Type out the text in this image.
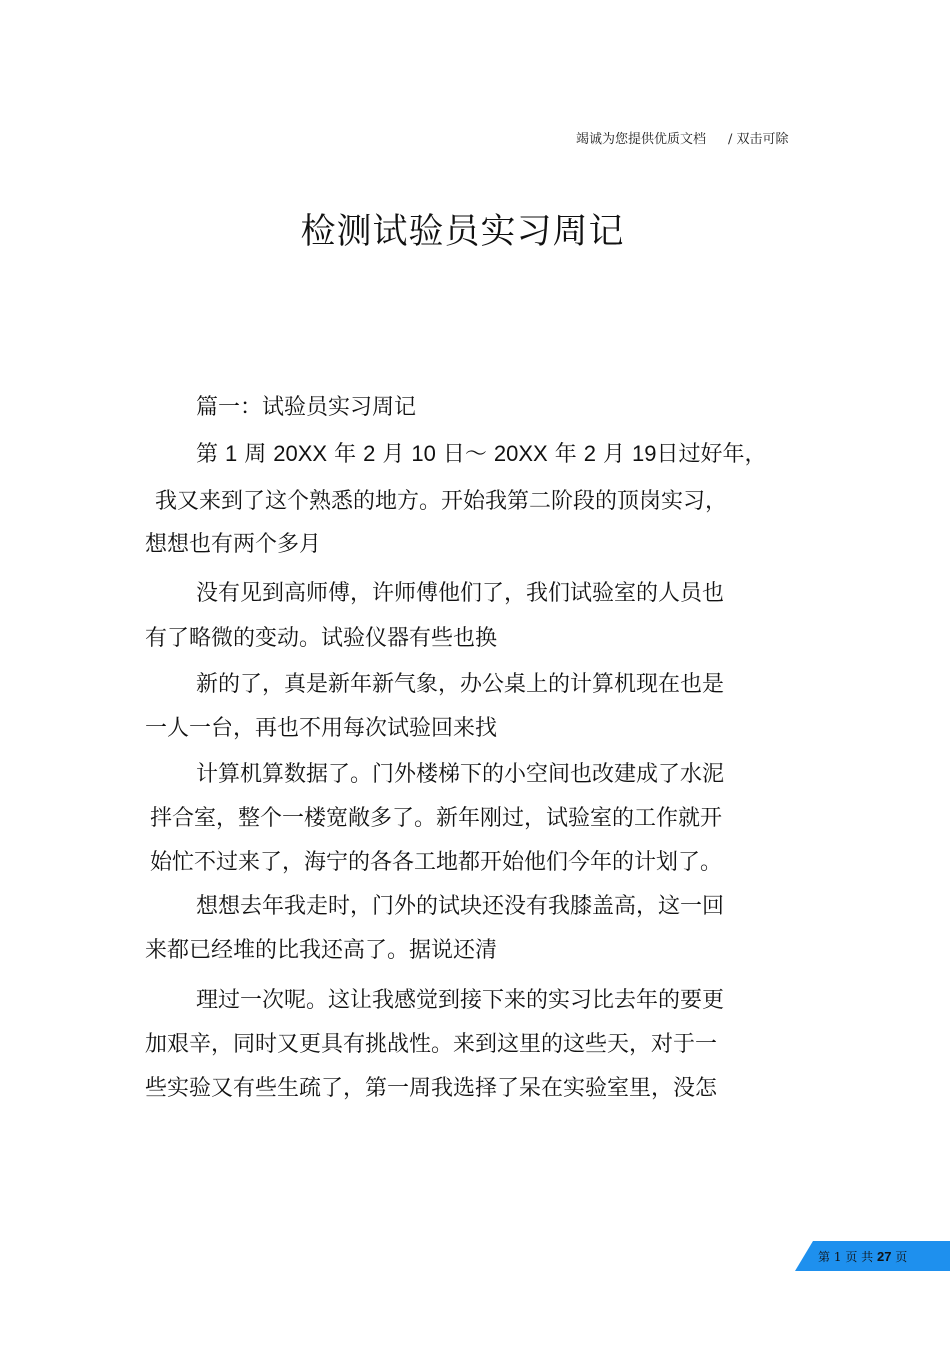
竭诚为您提供优质文档 / 双击可除
检测试验员实习周记
篇一：试验员实习周记
第 1 周 20XX 年 2 月 10 日～ 20XX 年 2 月 19日过好年，
我又来到了这个熟悉的地方。开始我第二阶段的顶岗实习，
想想也有两个多月
没有见到高师傅，许师傅他们了，我们试验室的人员也
有了略微的变动。试验仪器有些也换
新的了，真是新年新气象，办公桌上的计算机现在也是
一人一台，再也不用每次试验回来找
计算机算数据了。门外楼梯下的小空间也改建成了水泥
拌合室，整个一楼宽敞多了。新年刚过，试验室的工作就开
始忙不过来了，海宁的各各工地都开始他们今年的计划了。
想想去年我走时，门外的试块还没有我膝盖高，这一回
来都已经堆的比我还高了。据说还清
理过一次呢。这让我感觉到接下来的实习比去年的要更
加艰辛，同时又更具有挑战性。来到这里的这些天，对于一
些实验又有些生疏了，第一周我选择了呆在实验室里，没怎
第 1 页 共 27 页
